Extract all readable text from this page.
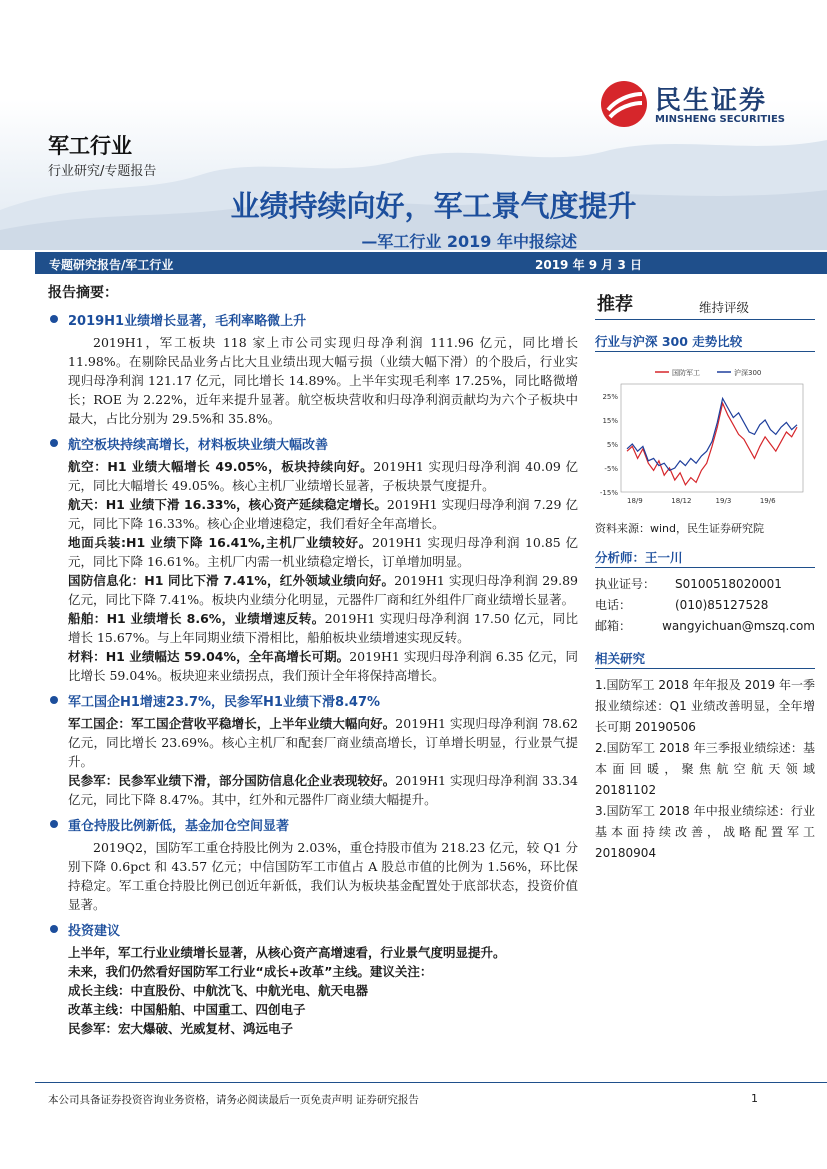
民生证券
MINSHENG SECURITIES
军工行业
行业研究/专题报告
业绩持续向好，军工景气度提升
—军工行业 2019 年中报综述
专题研究报告/军工行业	2019 年 9 月 3 日
报告摘要：
2019H1业绩增长显著，毛利率略微上升

2019H1，军工板块 118 家上市公司实现归母净利润 111.96 亿元，同比增长 11.98%。在剔除民品业务占比大且业绩出现大幅亏损（业绩大幅下滑）的个股后，行业实现归母净利润 121.17 亿元，同比增长 14.89%。上半年实现毛利率 17.25%，同比略微增长；ROE 为 2.22%，近年来提升显著。航空板块营收和归母净利润贡献均为六个子板块中最大，占比分别为 29.5%和 35.8%。

航空板块持续高增长，材料板块业绩大幅改善

航空：H1 业绩大幅增长 49.05%，板块持续向好。2019H1 实现归母净利润 40.09 亿元，同比大幅增长 49.05%。核心主机厂业绩增长显著，子板块景气度提升。

航天：H1 业绩下滑 16.33%，核心资产延续稳定增长。2019H1 实现归母净利润 7.29 亿元，同比下降 16.33%。核心企业增速稳定，我们看好全年高增长。

地面兵装:H1 业绩下降 16.41%,主机厂业绩较好。2019H1 实现归母净利润 10.85 亿元，同比下降 16.61%。主机厂内需一机业绩稳定增长，订单增加明显。

国防信息化：H1 同比下滑 7.41%，红外领域业绩向好。2019H1 实现归母净利润 29.89 亿元，同比下降 7.41%。板块内业绩分化明显，元器件厂商和红外组件厂商业绩增长显著。

船舶：H1 业绩增长 8.6%，业绩增速反转。2019H1 实现归母净利润 17.50 亿元，同比增长 15.67%。与上年同期业绩下滑相比，船舶板块业绩增速实现反转。

材料：H1 业绩幅达 59.04%，全年高增长可期。2019H1 实现归母净利润 6.35 亿元，同比增长 59.04%。板块迎来业绩拐点，我们预计全年将保持高增长。

军工国企H1增速23.7%，民参军H1业绩下滑8.47%

军工国企：军工国企营收平稳增长，上半年业绩大幅向好。2019H1 实现归母净利润 78.62 亿元，同比增长 23.69%。核心主机厂和配套厂商业绩高增长，订单增长明显，行业景气提升。

民参军：民参军业绩下滑，部分国防信息化企业表现较好。2019H1 实现归母净利润 33.34 亿元，同比下降 8.47%。其中，红外和元器件厂商业绩大幅提升。

重仓持股比例新低，基金加仓空间显著

2019Q2，国防军工重仓持股比例为 2.03%，重仓持股市值为 218.23 亿元，较 Q1 分别下降 0.6pct 和 43.57 亿元；中信国防军工市值占 A 股总市值的比例为 1.56%，环比保持稳定。军工重仓持股比例已创近年新低，我们认为板块基金配置处于底部状态，投资价值显著。

投资建议
上半年，军工行业业绩增长显著，从核心资产高增速看，行业景气度明显提升。
未来，我们仍然看好国防军工行业“成长+改革”主线。建议关注：
成长主线：中直股份、中航沈飞、中航光电、航天电器
改革主线：中国船舶、中国重工、四创电子
民参军：宏大爆破、光威复材、鸿远电子
推荐	维持评级
行业与沪深 300 走势比较
25%
15%
5%
-5%
-15%
18/9	18/12	19/3	19/6
国防军工	沪深300
资料来源：wind，民生证券研究院
分析师：王一川
执业证号：	S0100518020001
电话：	(010)85127528
邮箱：	wangyichuan@mszq.com
相关研究
1.国防军工 2018 年年报及 2019 年一季报业绩综述：Q1 业绩改善明显，全年增长可期 20190506
2.国防军工 2018 年三季报业绩综述：基本面回暖，聚焦航空航天领域 20181102
3.国防军工 2018 年中报业绩综述：行业基本面持续改善，战略配置军工 20180904
本公司具备证券投资咨询业务资格，请务必阅读最后一页免责声明 证券研究报告	1
